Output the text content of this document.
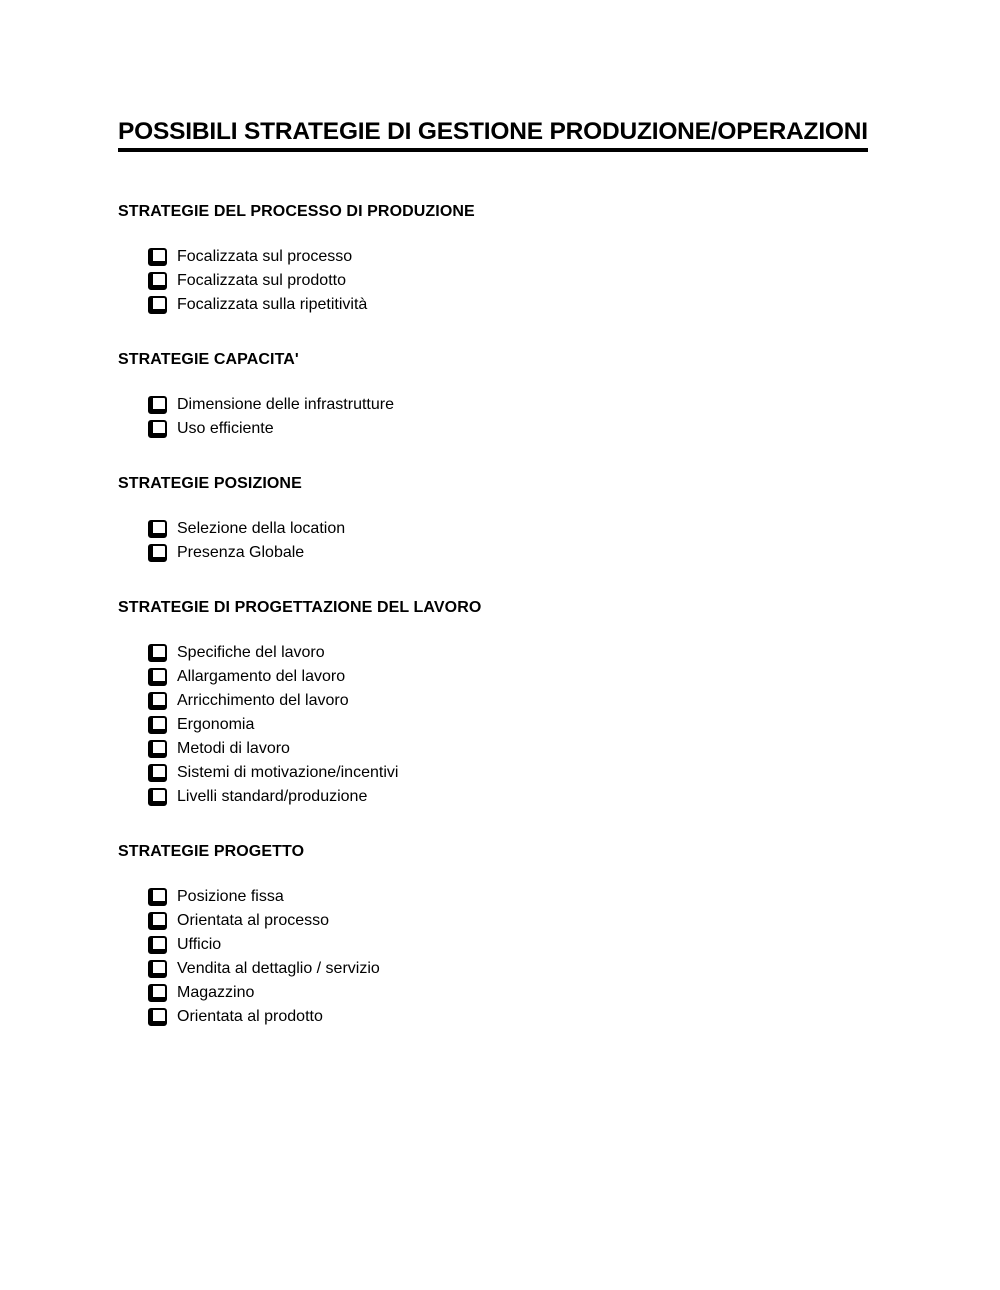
POSSIBILI STRATEGIE DI GESTIONE PRODUZIONE/OPERAZIONI
STRATEGIE DEL PROCESSO DI PRODUZIONE
Focalizzata sul processo
Focalizzata sul prodotto
Focalizzata sulla ripetitività
STRATEGIE CAPACITA'
Dimensione delle infrastrutture
Uso efficiente
STRATEGIE POSIZIONE
Selezione della location
Presenza Globale
STRATEGIE DI PROGETTAZIONE DEL LAVORO
Specifiche del lavoro
Allargamento del lavoro
Arricchimento del lavoro
Ergonomia
Metodi di lavoro
Sistemi di motivazione/incentivi
Livelli standard/produzione
STRATEGIE PROGETTO
Posizione fissa
Orientata al processo
Ufficio
Vendita al dettaglio / servizio
Magazzino
Orientata al prodotto
